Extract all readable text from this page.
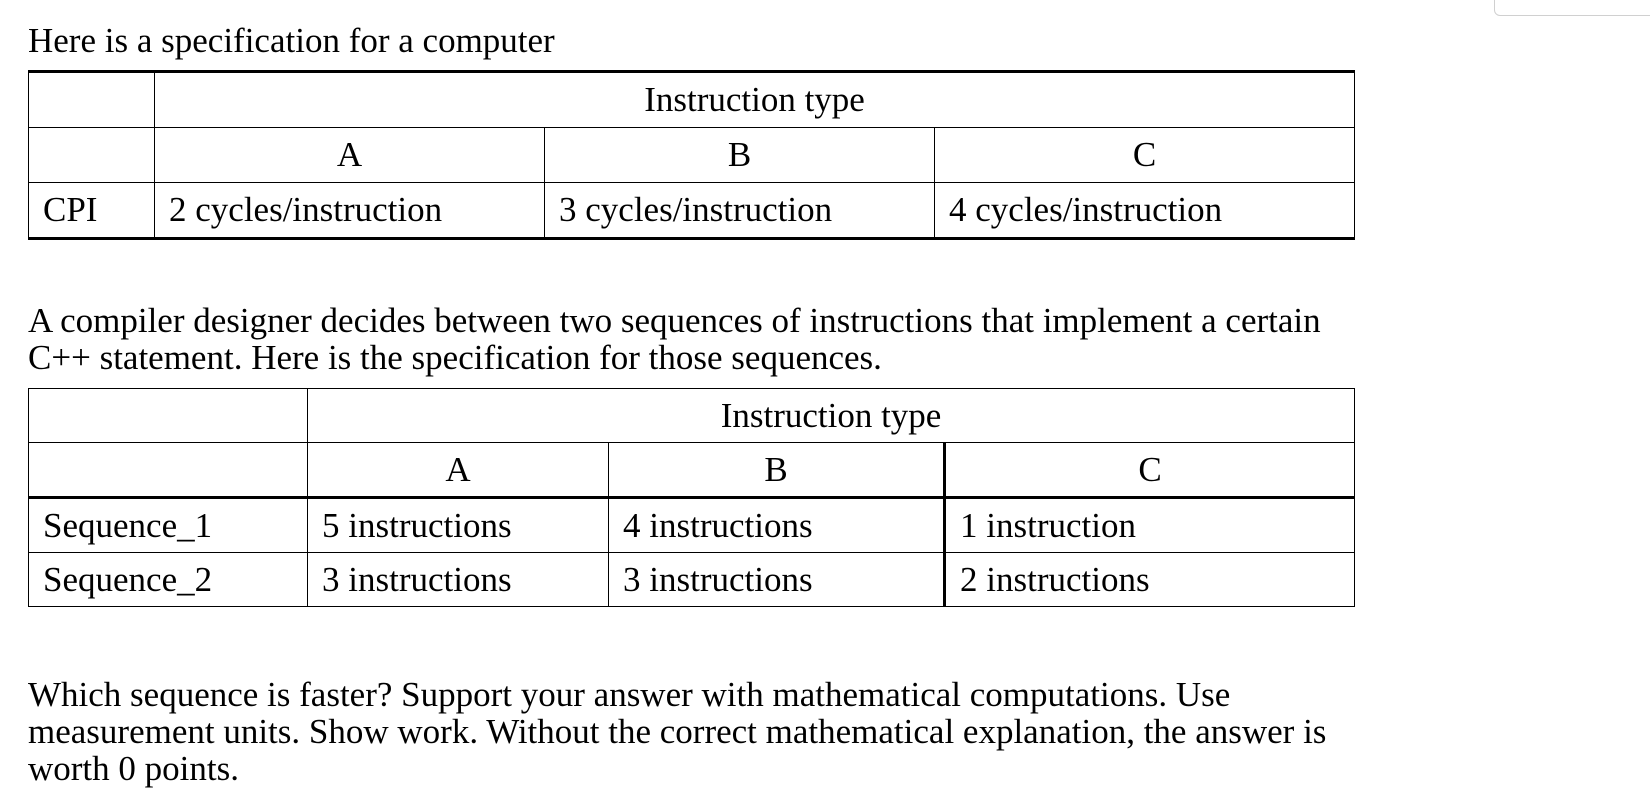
Here is a specification for a computer

	Instruction type		
	A	B	C
CPI	2 cycles/instruction	3 cycles/instruction	4 cycles/instruction

A compiler designer decides between two sequences of instructions that implement a certain
C++ statement. Here is the specification for those sequences.

	Instruction type		
	A	B	C
Sequence_1	5 instructions	4 instructions	1 instruction
Sequence_2	3 instructions	3 instructions	2 instructions

Which sequence is faster? Support your answer with mathematical computations. Use
measurement units. Show work. Without the correct mathematical explanation, the answer is
worth 0 points.
